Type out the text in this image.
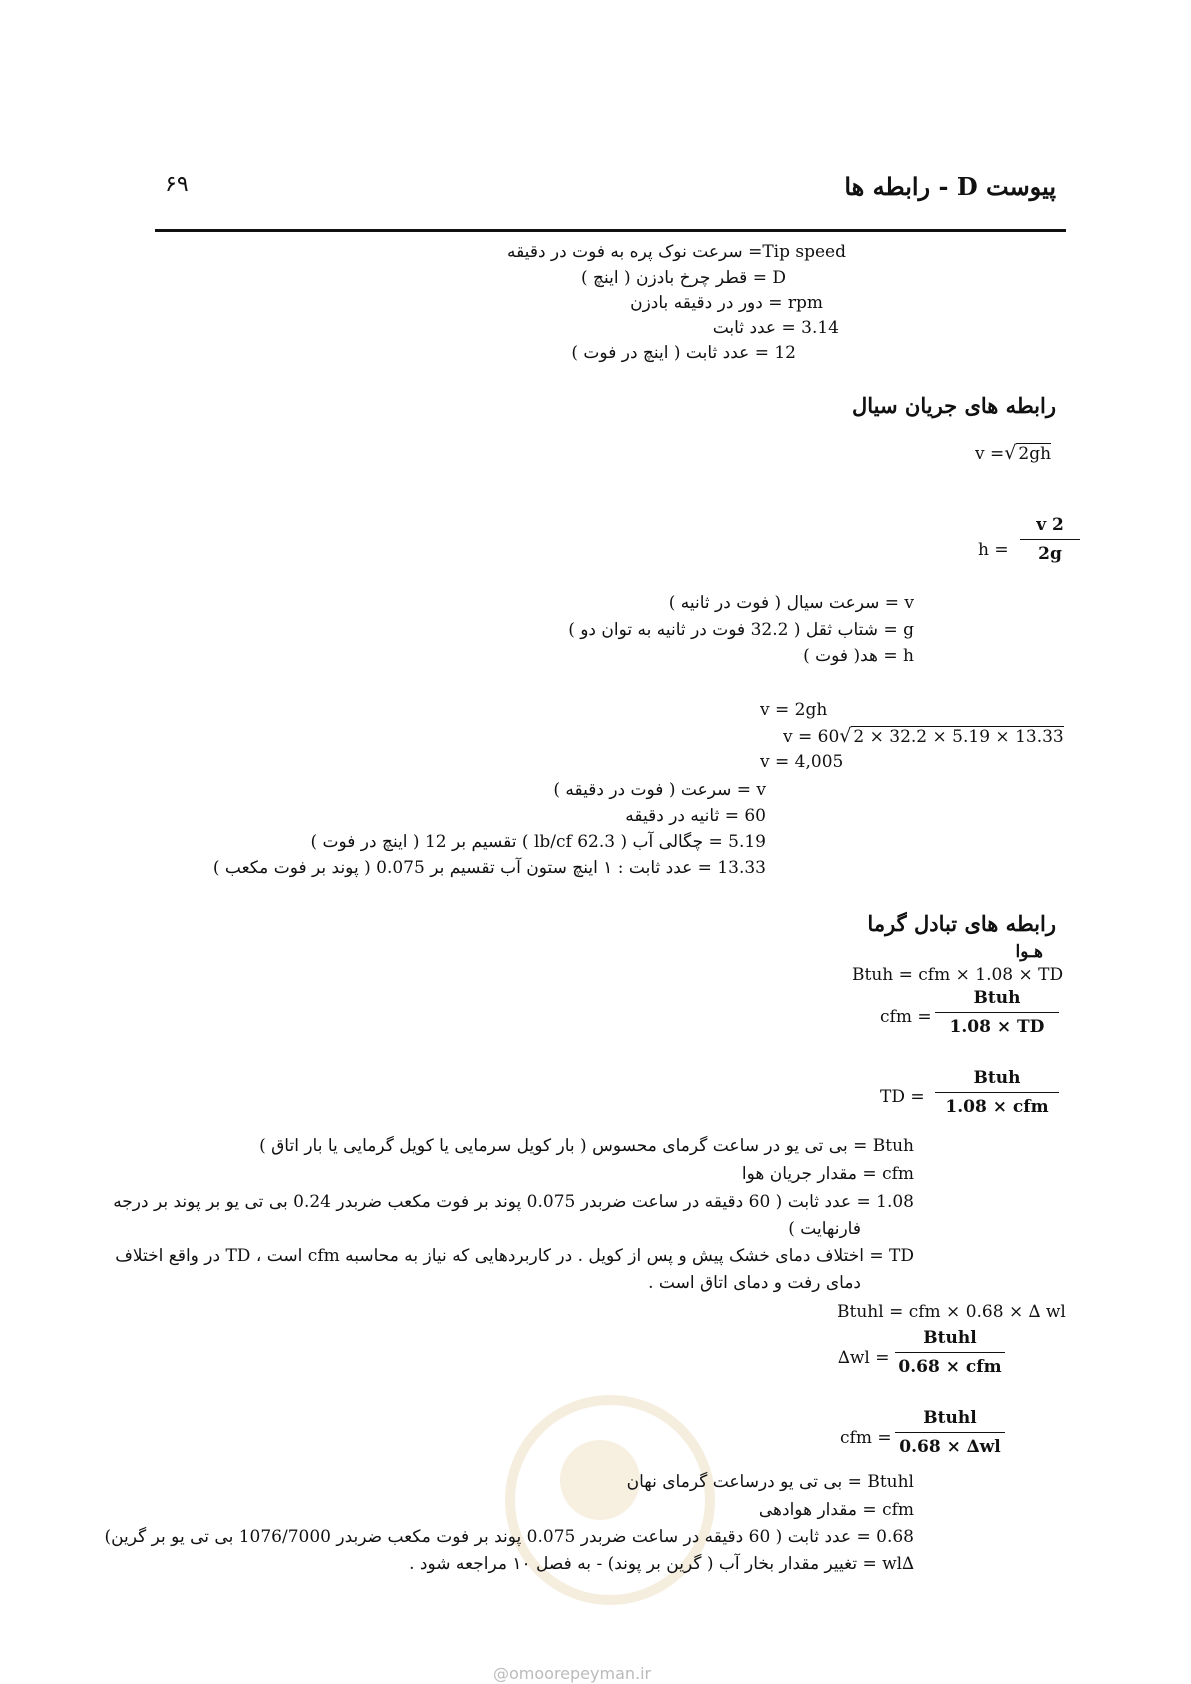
پیوست D - رابطه ها
۶۹
Tip speed= سرعت نوک پره به فوت در دقیقه
D = قطر چرخ بادزن ( اینچ )
rpm = دور در دقیقه بادزن
3.14 = عدد ثابت
12 = عدد ثابت ( اینچ در فوت )
رابطه های جریان سیال
v =√ 2gh
h =
v 2
2g
v = سرعت سیال ( فوت در ثانیه )
g = شتاب ثقل ( 32.2 فوت در ثانیه به توان دو )
h = هد( فوت )
v = 2gh
v = 60√ 2 × 32.2 × 5.19 × 13.33
v = 4,005
v = سرعت ( فوت در دقیقه )
60 = ثانیه در دقیقه
5.19 = چگالی آب ( 62.3 lb/cf ) تقسیم بر 12 ( اینچ در فوت )
13.33 = عدد ثابت : ۱ اینچ ستون آب تقسیم بر 0.075 ( پوند بر فوت مکعب )
رابطه های تبادل گرما
هـوا
Btuh = cfm × 1.08 × TD
cfm =
Btuh
1.08 × TD
TD =
Btuh
1.08 × cfm
Btuh = بی تی یو در ساعت گرمای محسوس ( بار کویل سرمایی یا کویل گرمایی یا بار اتاق )
cfm = مقدار جریان هوا
1.08 = عدد ثابت ( 60 دقیقه در ساعت ضربدر 0.075 پوند بر فوت مکعب ضربدر 0.24 بی تی یو بر پوند بر درجه
فارنهایت )
TD = اختلاف دمای خشک پیش و پس از کویل . در کاربردهایی که نیاز به محاسبه cfm است ، TD در واقع اختلاف
دمای رفت و دمای اتاق است .
Btuhl = cfm × 0.68 × ∆ wl
∆wl =
Btuhl
0.68 × cfm
cfm =
Btuhl
0.68 × ∆wl
Btuhl = بی تی یو درساعت گرمای نهان
cfm = مقدار هوادهی
0.68 = عدد ثابت ( 60 دقیقه در ساعت ضربدر 0.075 پوند بر فوت مکعب ضربدر 1076/7000 بی تی یو بر گرین)
∆wl = تغییر مقدار بخار آب ( گرین بر پوند) - به فصل ۱۰ مراجعه شود .
@omoorepeyman.ir
